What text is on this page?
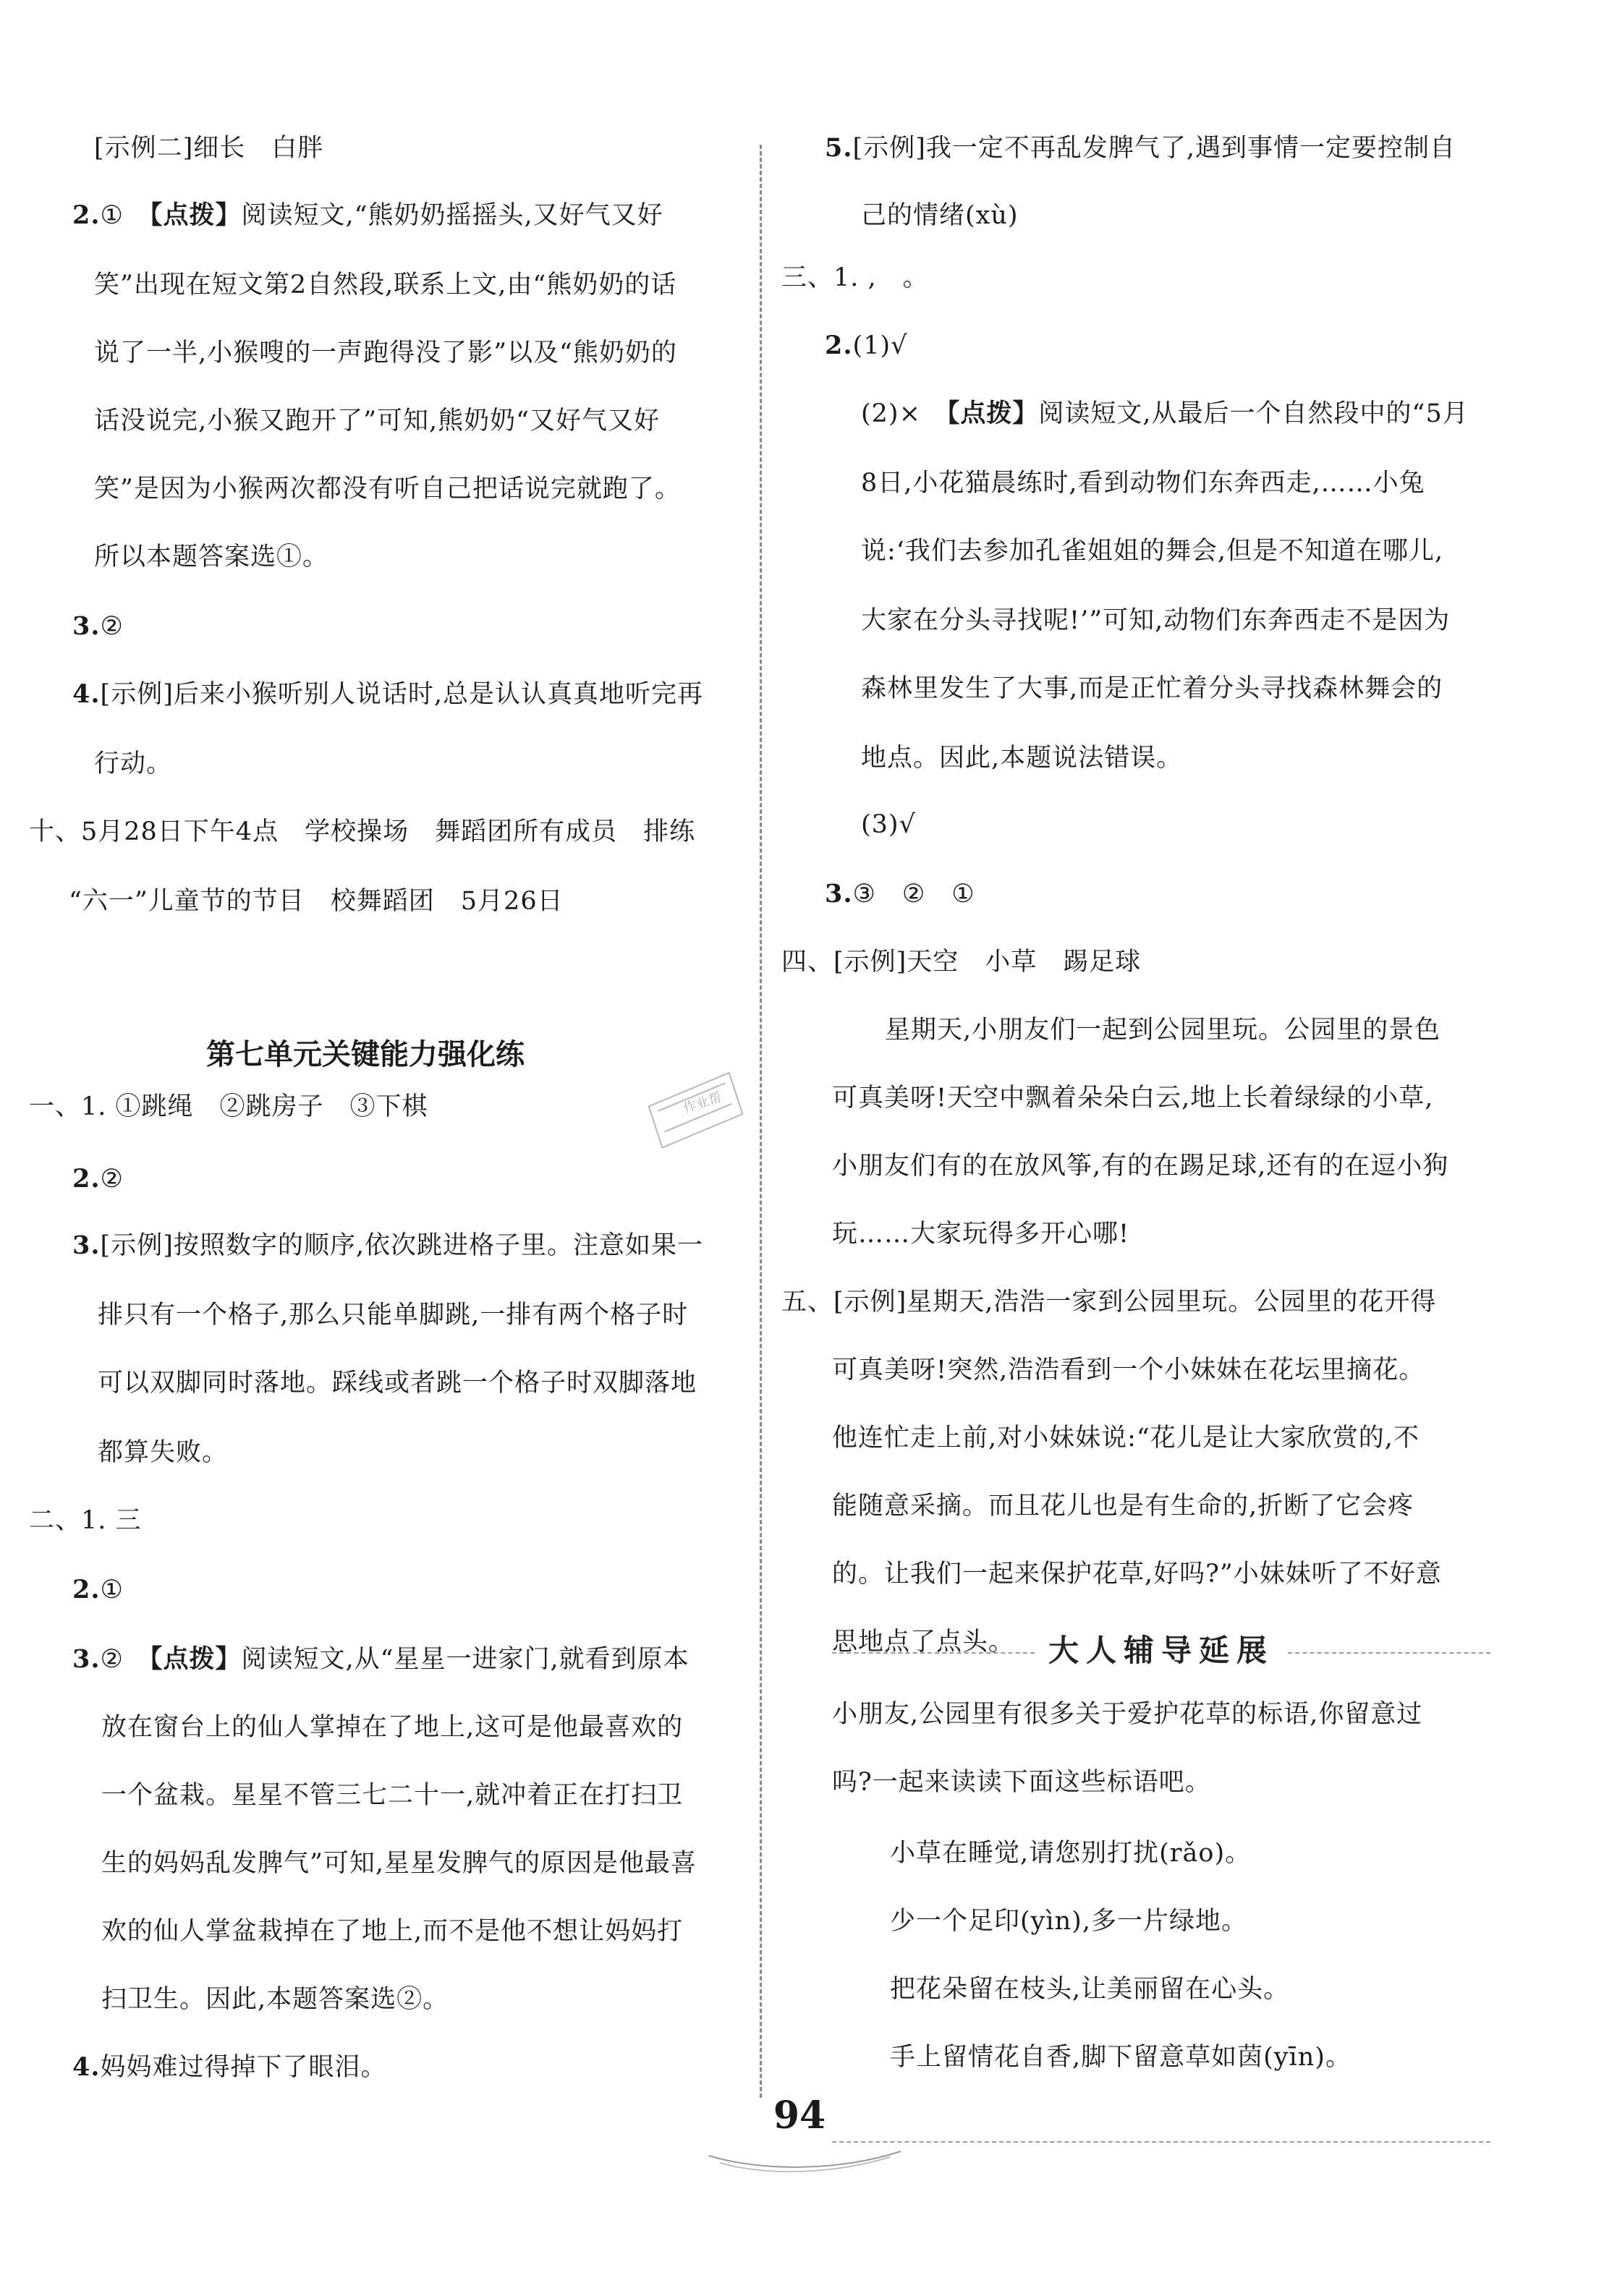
[示例二]细长　白胖
2.①　【点拨】阅读短文,“熊奶奶摇摇头,又好气又好
笑”出现在短文第2自然段,联系上文,由“熊奶奶的话
说了一半,小猴嗖的一声跑得没了影”以及“熊奶奶的
话没说完,小猴又跑开了”可知,熊奶奶“又好气又好
笑”是因为小猴两次都没有听自己把话说完就跑了。
所以本题答案选①。
3.②
4.[示例]后来小猴听别人说话时,总是认认真真地听完再
行动。
十、5月28日下午4点　学校操场　舞蹈团所有成员　排练
“六一”儿童节的节目　校舞蹈团　5月26日
一、1. ①跳绳　②跳房子　③下棋
2.②
3.[示例]按照数字的顺序,依次跳进格子里。注意如果一
排只有一个格子,那么只能单脚跳,一排有两个格子时
可以双脚同时落地。踩线或者跳一个格子时双脚落地
都算失败。
二、1. 三
2.①
3.②　【点拨】阅读短文,从“星星一进家门,就看到原本
放在窗台上的仙人掌掉在了地上,这可是他最喜欢的
一个盆栽。星星不管三七二十一,就冲着正在打扫卫
生的妈妈乱发脾气”可知,星星发脾气的原因是他最喜
欢的仙人掌盆栽掉在了地上,而不是他不想让妈妈打
扫卫生。因此,本题答案选②。
4.妈妈难过得掉下了眼泪。
第七单元关键能力强化练
5.[示例]我一定不再乱发脾气了,遇到事情一定要控制自
己的情绪(xù)
三、1. ,　。
2.(1)√
(2)×　【点拨】阅读短文,从最后一个自然段中的“5月
8日,小花猫晨练时,看到动物们东奔西走,……小兔
说:‘我们去参加孔雀姐姐的舞会,但是不知道在哪儿,
大家在分头寻找呢!’”可知,动物们东奔西走不是因为
森林里发生了大事,而是正忙着分头寻找森林舞会的
地点。因此,本题说法错误。
(3)√
3.③　②　①
四、[示例]天空　小草　踢足球
星期天,小朋友们一起到公园里玩。公园里的景色
可真美呀!天空中飘着朵朵白云,地上长着绿绿的小草,
小朋友们有的在放风筝,有的在踢足球,还有的在逗小狗
玩……大家玩得多开心哪!
五、[示例]星期天,浩浩一家到公园里玩。公园里的花开得
可真美呀!突然,浩浩看到一个小妹妹在花坛里摘花。
他连忙走上前,对小妹妹说:“花儿是让大家欣赏的,不
能随意采摘。而且花儿也是有生命的,折断了它会疼
的。让我们一起来保护花草,好吗?”小妹妹听了不好意
思地点了点头。
小朋友,公园里有很多关于爱护花草的标语,你留意过
吗?一起来读读下面这些标语吧。
小草在睡觉,请您别打扰(rǎo)。
少一个足印(yìn),多一片绿地。
把花朵留在枝头,让美丽留在心头。
手上留情花自香,脚下留意草如茵(yīn)。
大人辅导延展
作业帮
94
